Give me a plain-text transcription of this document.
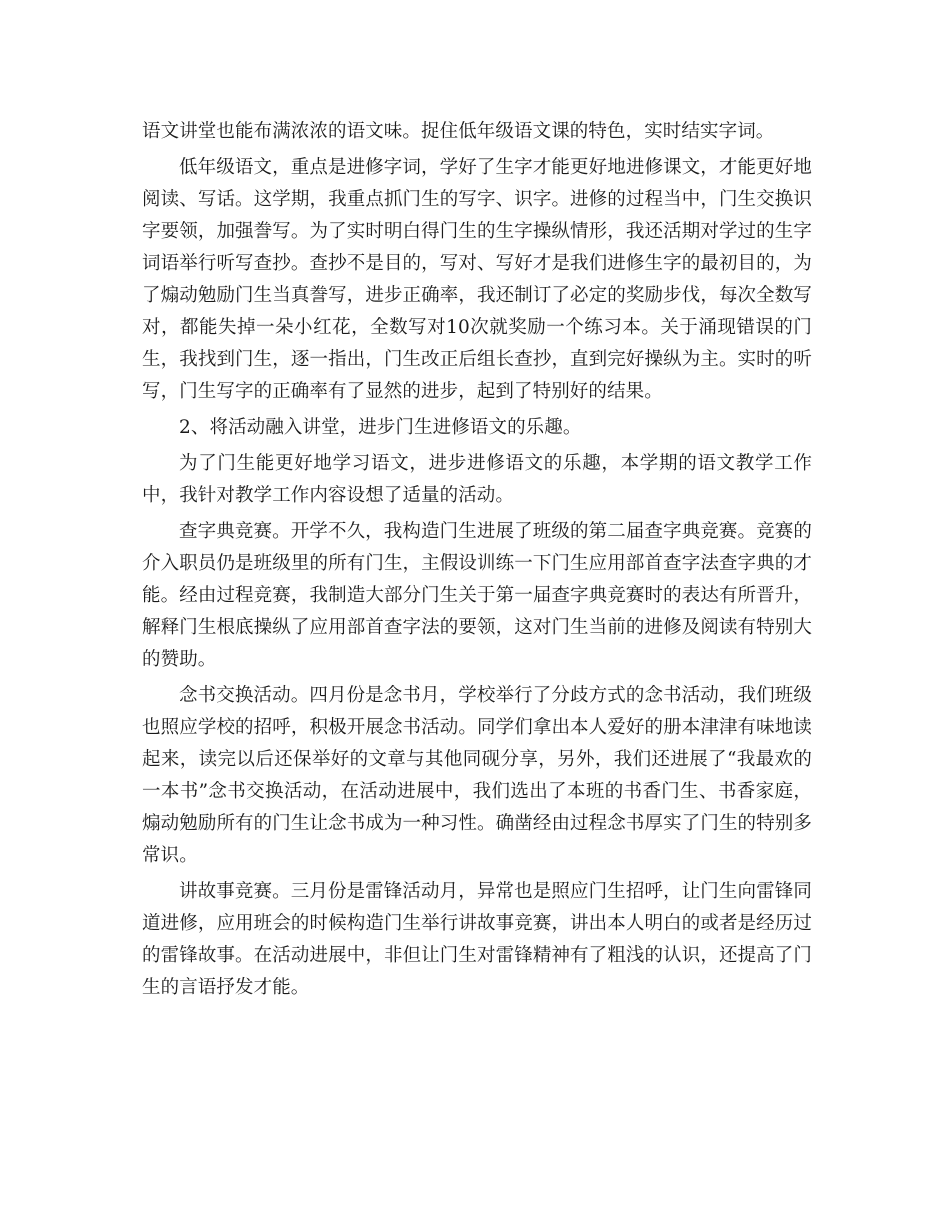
语文讲堂也能布满浓浓的语文味。捉住低年级语文课的特色，实时结实字词。

低年级语文，重点是进修字词，学好了生字才能更好地进修课文，才能更好地阅读、写话。这学期，我重点抓门生的写字、识字。进修的过程当中，门生交换识字要领，加强誊写。为了实时明白得门生的生字操纵情形，我还活期对学过的生字词语举行听写查抄。查抄不是目的，写对、写好才是我们进修生字的最初目的，为了煽动勉励门生当真誊写，进步正确率，我还制订了必定的奖励步伐，每次全数写对，都能失掉一朵小红花，全数写对10次就奖励一个练习本。关于涌现错误的门生，我找到门生，逐一指出，门生改正后组长查抄，直到完好操纵为主。实时的听写，门生写字的正确率有了显然的进步，起到了特别好的结果。

2、将活动融入讲堂，进步门生进修语文的乐趣。

为了门生能更好地学习语文，进步进修语文的乐趣，本学期的语文教学工作中，我针对教学工作内容设想了适量的活动。

查字典竞赛。开学不久，我构造门生进展了班级的第二届查字典竞赛。竞赛的介入职员仍是班级里的所有门生，主假设训练一下门生应用部首查字法查字典的才能。经由过程竞赛，我制造大部分门生关于第一届查字典竞赛时的表达有所晋升，解释门生根底操纵了应用部首查字法的要领，这对门生当前的进修及阅读有特别大的赞助。

念书交换活动。四月份是念书月，学校举行了分歧方式的念书活动，我们班级也照应学校的招呼，积极开展念书活动。同学们拿出本人爱好的册本津津有味地读起来，读完以后还保举好的文章与其他同砚分享，另外，我们还进展了“我最欢的一本书”念书交换活动，在活动进展中，我们选出了本班的书香门生、书香家庭，煽动勉励所有的门生让念书成为一种习性。确凿经由过程念书厚实了门生的特别多常识。

讲故事竞赛。三月份是雷锋活动月，异常也是照应门生招呼，让门生向雷锋同道进修，应用班会的时候构造门生举行讲故事竞赛，讲出本人明白的或者是经历过的雷锋故事。在活动进展中，非但让门生对雷锋精神有了粗浅的认识，还提高了门生的言语抒发才能。
